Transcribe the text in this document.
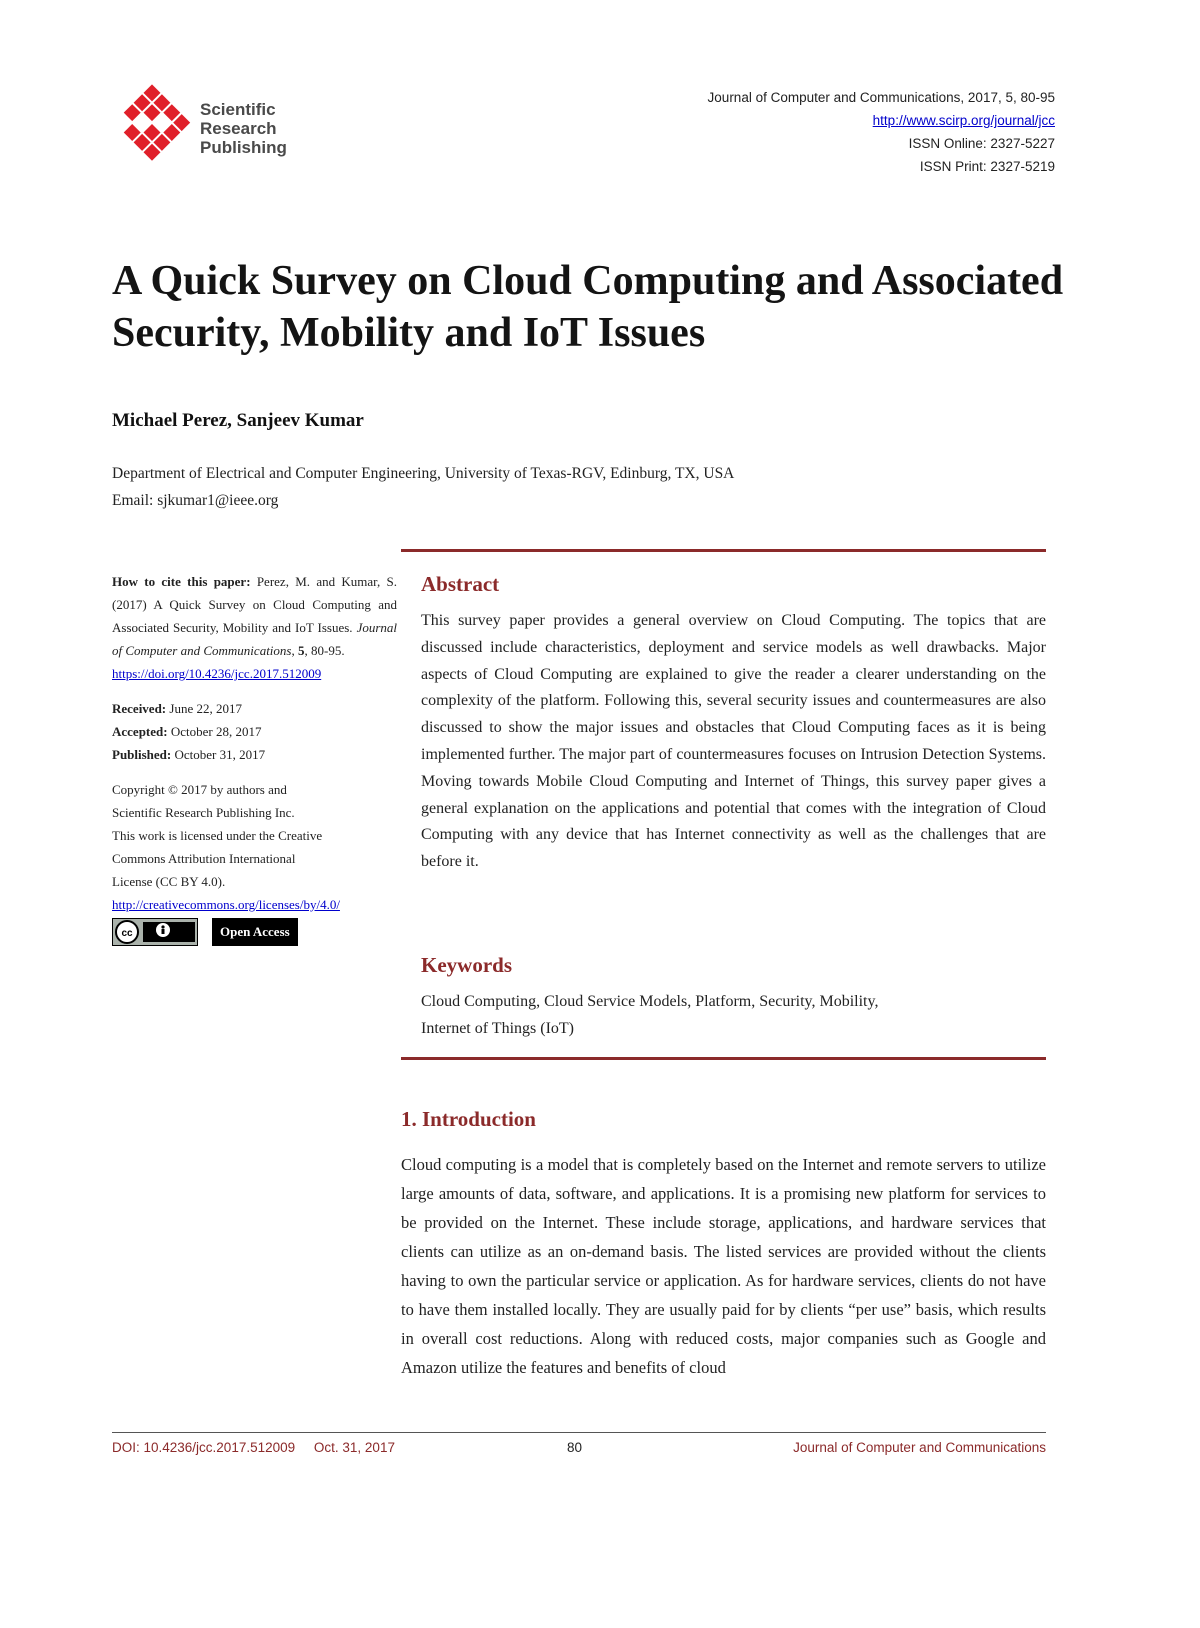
Scientific
Research
Publishing
Journal of Computer and Communications, 2017, 5, 80-95
http://www.scirp.org/journal/jcc
ISSN Online: 2327-5227
ISSN Print: 2327-5219
A Quick Survey on Cloud Computing and Associated Security, Mobility and IoT Issues
Michael Perez, Sanjeev Kumar
Department of Electrical and Computer Engineering, University of Texas-RGV, Edinburg, TX, USA
Email: sjkumar1@ieee.org
How to cite this paper: Perez, M. and Kumar, S. (2017) A Quick Survey on Cloud Computing and Associated Security, Mobility and IoT Issues. Journal of Computer and Communications, 5, 80-95.
https://doi.org/10.4236/jcc.2017.512009
Received: June 22, 2017
Accepted: October 28, 2017
Published: October 31, 2017
Copyright © 2017 by authors and
Scientific Research Publishing Inc.
This work is licensed under the Creative
Commons Attribution International
License (CC BY 4.0).
http://creativecommons.org/licenses/by/4.0/
cc	Open Access
Abstract
This survey paper provides a general overview on Cloud Computing. The topics that are discussed include characteristics, deployment and service models as well drawbacks. Major aspects of Cloud Computing are explained to give the reader a clearer understanding on the complexity of the platform. Following this, several security issues and countermeasures are also discussed to show the major issues and obstacles that Cloud Computing faces as it is being implemented further. The major part of countermeasures focuses on Intrusion Detection Systems. Moving towards Mobile Cloud Computing and Internet of Things, this survey paper gives a general explanation on the applications and potential that comes with the integration of Cloud Computing with any device that has Internet connectivity as well as the challenges that are before it.
Keywords
Cloud Computing, Cloud Service Models, Platform, Security, Mobility,
Internet of Things (IoT)
1. Introduction
Cloud computing is a model that is completely based on the Internet and remote servers to utilize large amounts of data, software, and applications. It is a promising new platform for services to be provided on the Internet. These include storage, applications, and hardware services that clients can utilize as an on-demand basis. The listed services are provided without the clients having to own the particular service or application. As for hardware services, clients do not have to have them installed locally. They are usually paid for by clients “per use” basis, which results in overall cost reductions. Along with reduced costs, major companies such as Google and Amazon utilize the features and benefits of cloud
DOI: 10.4236/jcc.2017.512009 Oct. 31, 2017	80	Journal of Computer and Communications
